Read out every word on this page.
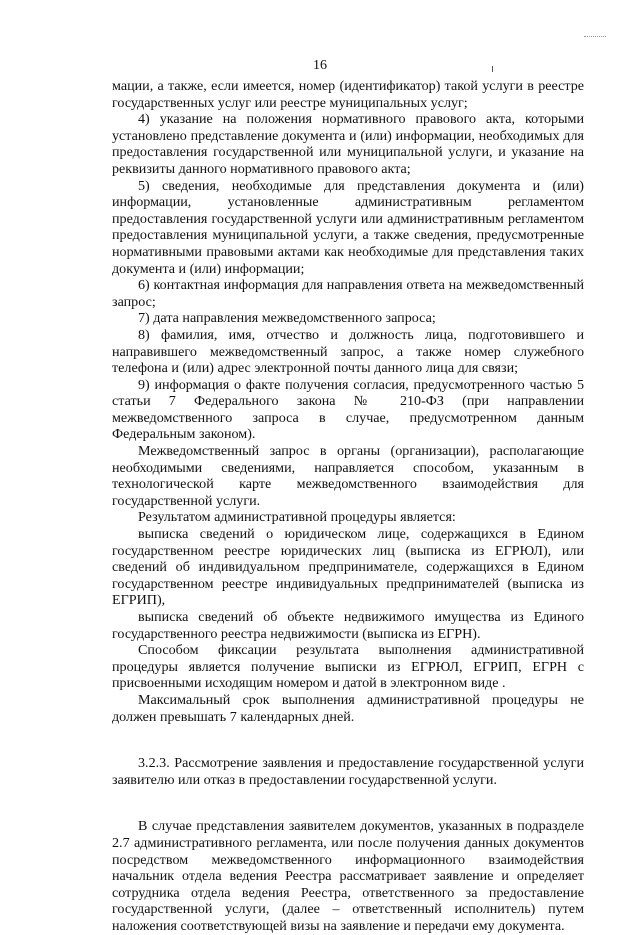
16

мации, а также, если имеется, номер (идентификатор) такой услуги в реестре государственных услуг или реестре муниципальных услуг;

4) указание на положения нормативного правового акта, которыми установлено представление документа и (или) информации, необходимых для предоставления государственной или муниципальной услуги, и указание на реквизиты данного нормативного правового акта;

5) сведения, необходимые для представления документа и (или) информации, установленные административным регламентом предоставления государственной услуги или административным регламентом предоставления муниципальной услуги, а также сведения, предусмотренные нормативными правовыми актами как необходимые для представления таких документа и (или) информации;

6) контактная информация для направления ответа на межведомственный запрос;

7) дата направления межведомственного запроса;

8) фамилия, имя, отчество и должность лица, подготовившего и направившего межведомственный запрос, а также номер служебного телефона и (или) адрес электронной почты данного лица для связи;

9) информация о факте получения согласия, предусмотренного частью 5 статьи 7 Федерального закона № 210-ФЗ (при направлении межведомственного запроса в случае, предусмотренном данным Федеральным законом).

Межведомственный запрос в органы (организации), располагающие необходимыми сведениями, направляется способом, указанным в технологической карте межведомственного взаимодействия для государственной услуги.

Результатом административной процедуры является:

выписка сведений о юридическом лице, содержащихся в Едином государственном реестре юридических лиц (выписка из ЕГРЮЛ), или сведений об индивидуальном предпринимателе, содержащихся в Едином государственном реестре индивидуальных предпринимателей (выписка из ЕГРИП),

выписка сведений об объекте недвижимого имущества из Единого государственного реестра недвижимости (выписка из ЕГРН).

Способом фиксации результата выполнения административной процедуры является получение выписки из ЕГРЮЛ, ЕГРИП, ЕГРН с присвоенными исходящим номером и датой в электронном виде .

Максимальный срок выполнения административной процедуры не должен превышать 7 календарных дней.

3.2.3. Рассмотрение заявления и предоставление государственной услуги заявителю или отказ в предоставлении государственной услуги.

В случае представления заявителем документов, указанных в подразделе 2.7 административного регламента, или после получения данных документов посредством межведомственного информационного взаимодействия начальник отдела ведения Реестра рассматривает заявление и определяет сотрудника отдела ведения Реестра, ответственного за предоставление государственной услуги, (далее – ответственный исполнитель) путем наложения соответствующей визы на заявление и передачи ему документа.
